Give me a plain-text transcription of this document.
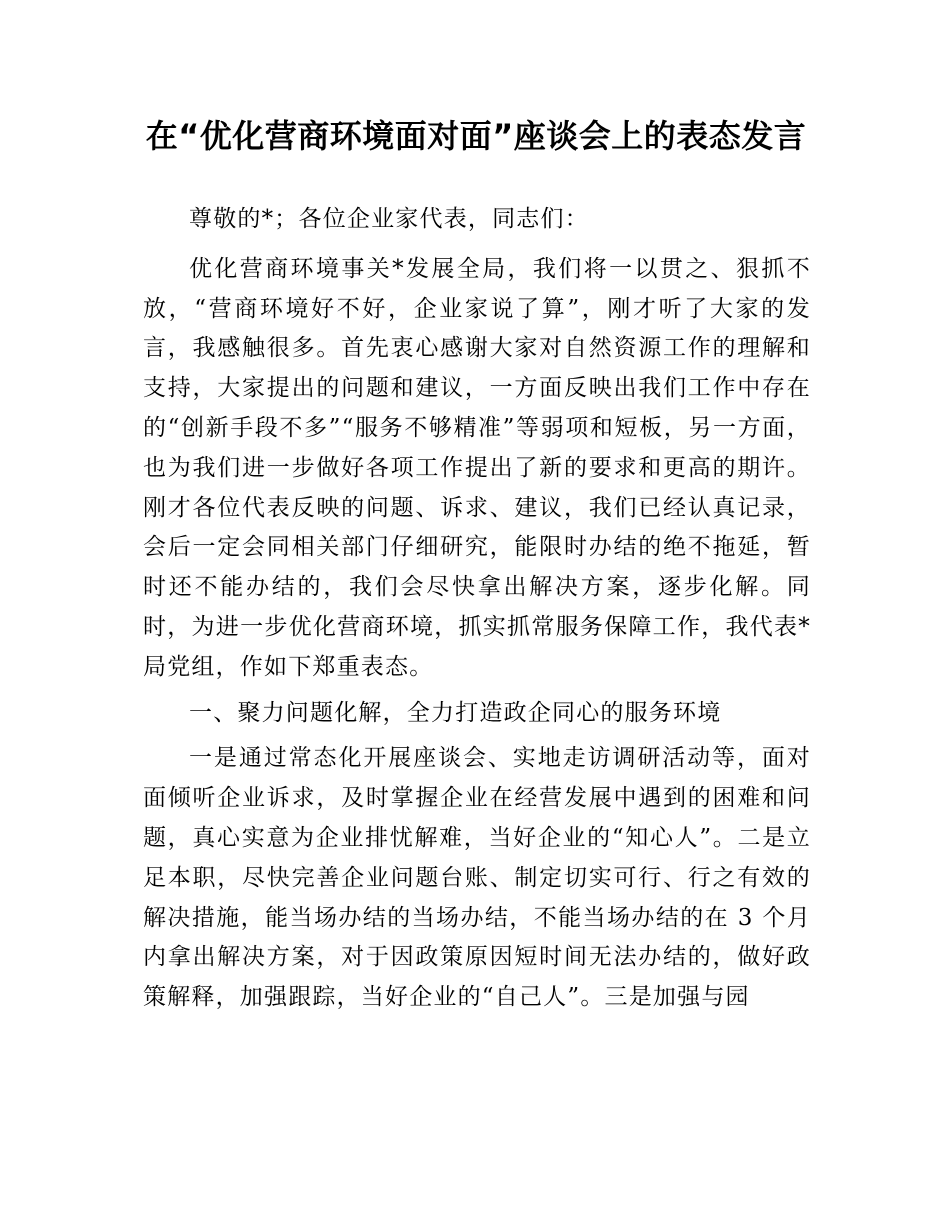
在“优化营商环境面对面”座谈会上的表态发言

尊敬的*；各位企业家代表，同志们：

优化营商环境事关*发展全局，我们将一以贯之、狠抓不放，“营商环境好不好，企业家说了算”，刚才听了大家的发言，我感触很多。首先衷心感谢大家对自然资源工作的理解和支持，大家提出的问题和建议，一方面反映出我们工作中存在的“创新手段不多”“服务不够精准”等弱项和短板，另一方面，也为我们进一步做好各项工作提出了新的要求和更高的期许。刚才各位代表反映的问题、诉求、建议，我们已经认真记录，会后一定会同相关部门仔细研究，能限时办结的绝不拖延，暂时还不能办结的，我们会尽快拿出解决方案，逐步化解。同时，为进一步优化营商环境，抓实抓常服务保障工作，我代表*局党组，作如下郑重表态。

一、聚力问题化解，全力打造政企同心的服务环境

一是通过常态化开展座谈会、实地走访调研活动等，面对面倾听企业诉求，及时掌握企业在经营发展中遇到的困难和问题，真心实意为企业排忧解难，当好企业的“知心人”。二是立足本职，尽快完善企业问题台账、制定切实可行、行之有效的解决措施，能当场办结的当场办结，不能当场办结的在 3 个月内拿出解决方案，对于因政策原因短时间无法办结的，做好政策解释，加强跟踪，当好企业的“自己人”。三是加强与园
